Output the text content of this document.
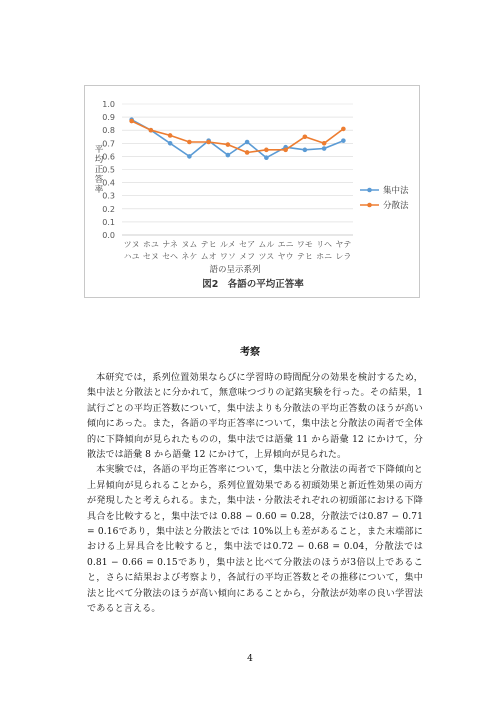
0.0
0.1
0.2
0.3
0.4
0.5
0.6
0.7
0.8
0.9
1.0
ツヌ
ハユ
ホユ
セヌ
ナネ
セヘ
ヌム
ネケ
テヒ
ムオ
ルメ
ワソ
セア
メフ
ムル
ツス
エニ
ヤウ
ワモ
テヒ
リヘ
ホニ
ヤテ
レラ
平均正答率
語の呈示系列
集中法
分散法
図2　各語の平均正答率
考察

本研究では，系列位置効果ならびに学習時の時間配分の効果を検討するため，集中法と分散法とに分かれて，無意味つづりの記銘実験を行った。その結果，1 試行ごとの平均正答数について，集中法よりも分散法の平均正答数のほうが高い傾向にあった。また，各語の平均正答率について，集中法と分散法の両者で全体的に下降傾向が見られたものの，集中法では語彙 11 から語彙 12 にかけて，分散法では語彙 8 から語彙 12 にかけて，上昇傾向が見られた。

本実験では，各語の平均正答率について，集中法と分散法の両者で下降傾向と上昇傾向が見られることから，系列位置効果である初頭効果と新近性効果の両方が発現したと考えられる。また，集中法・分散法それぞれの初頭部における下降具合を比較すると，集中法では 0.88 − 0.60 = 0.28，分散法では0.87 − 0.71 = 0.16であり，集中法と分散法とでは 10%以上も差があること，また末端部における上昇具合を比較すると，集中法では0.72 − 0.68 = 0.04，分散法では0.81 − 0.66 = 0.15であり，集中法と比べて分散法のほうが3倍以上であること，さらに結果および考察より，各試行の平均正答数とその推移について，集中法と比べて分散法のほうが高い傾向にあることから，分散法が効率の良い学習法であると言える。

4
